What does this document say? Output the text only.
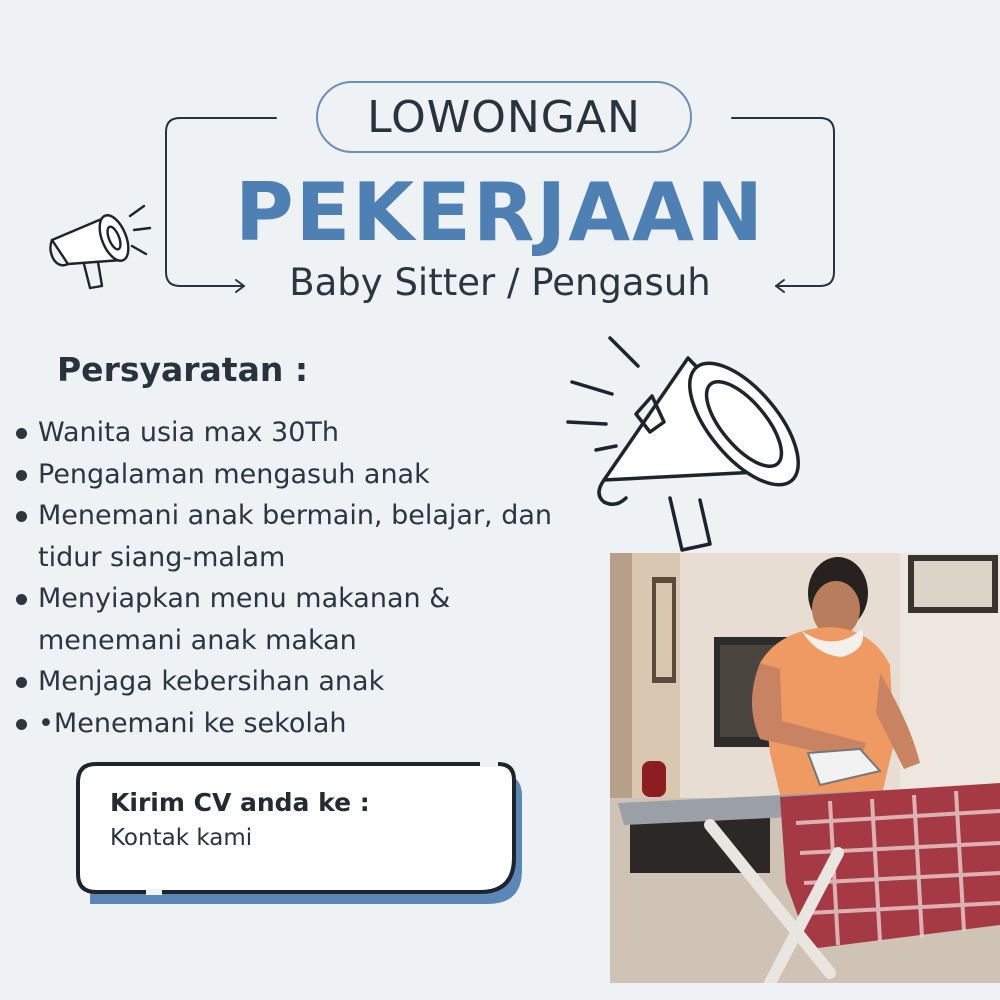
LOWONGAN
PEKERJAAN
Baby Sitter / Pengasuh
Persyaratan :
Wanita usia max 30Th
Pengalaman mengasuh anak
Menemani anak bermain, belajar, dan tidur siang-malam
Menyiapkan menu makanan & menemani anak makan
Menjaga kebersihan anak
•Menemani ke sekolah
Kirim CV anda ke :
Kontak kami
